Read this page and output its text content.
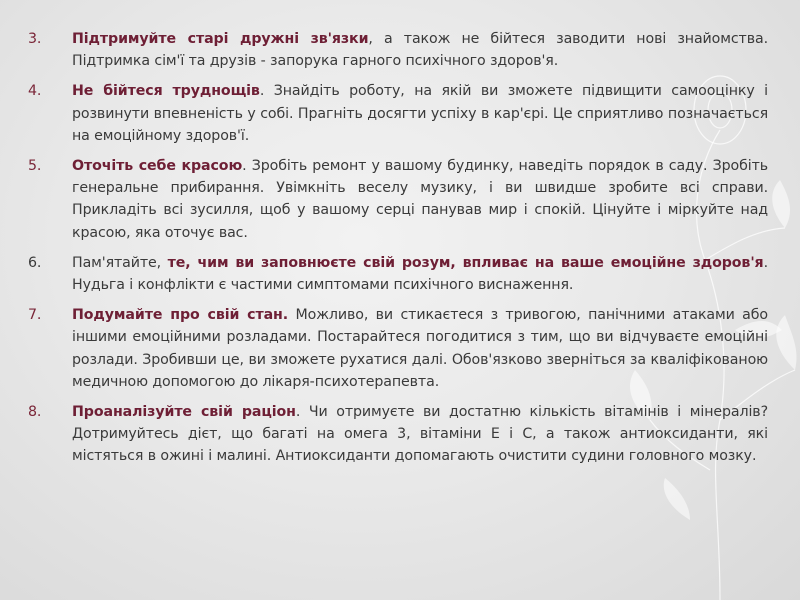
3.	Підтримуйте старі дружні зв'язки, а також не бійтеся заводити нові знайомства. Підтримка сім'ї та друзів - запорука гарного психічного здоров'я.
4.	Не бійтеся труднощів. Знайдіть роботу, на якій ви зможете підвищити самооцінку і розвинути впевненість у собі. Прагніть досягти успіху в кар'єрі. Це сприятливо позначається на емоційному здоров'ї.
5.	Оточіть себе красою. Зробіть ремонт у вашому будинку, наведіть порядок в саду. Зробіть генеральне прибирання. Увімкніть веселу музику, і ви швидше зробите всі справи. Прикладіть всі зусилля, щоб у вашому серці панував мир і спокій. Цінуйте і міркуйте над красою, яка оточує вас.
6.	Пам'ятайте, те, чим ви заповнюєте свій розум, впливає на ваше емоційне здоров'я. Нудьга і конфлікти є частими симптомами психічного виснаження.
7.	Подумайте про свій стан. Можливо, ви стикаєтеся з тривогою, панічними атаками або іншими емоційними розладами. Постарайтеся погодитися з тим, що ви відчуваєте емоційні розлади. Зробивши це, ви зможете рухатися далі. Обов'язково зверніться за кваліфікованою медичною допомогою до лікаря-психотерапевта.
8.	Проаналізуйте свій раціон. Чи отримуєте ви достатню кількість вітамінів і мінералів? Дотримуйтесь дієт, що багаті на омега 3, вітаміни Е і С, а також антиоксиданти, які містяться в ожині і малині. Антиоксиданти допомагають очистити судини головного мозку.
